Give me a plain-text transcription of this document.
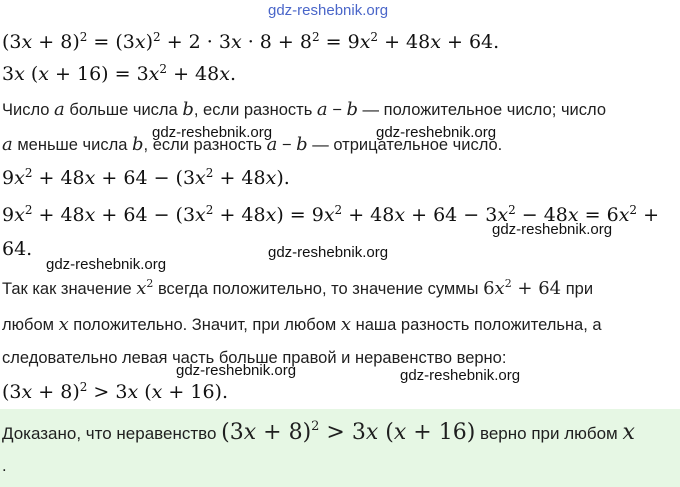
gdz-reshebnik.org
$(3x + 8)^2 = (3x)^2 + 2 \cdot 3x \cdot 8 + 8^2 = 9x^2 + 48x + 64$.
3x $(x + 16) = 3x^2 + 48x$.
Число a больше числа b, если разность a − b — положительное число; число
a меньше числа b, если разность a − b — отрицательное число.
gdz-reshebnik.org	gdz-reshebnik.org
$9x^2 + 48x + 64 - (3x^2 + 48x)$.
$9x^2 + 48x + 64 - (3x^2 + 48x) = 9x^2 + 48x + 64 - 3x^2 - 48x = 6x^2$ +
64.
gdz-reshebnik.org
gdz-reshebnik.org
gdz-reshebnik.org
Так как значение $x^2$ всегда положительно, то значение суммы $6x^2 + 64$ при
любом x положительно. Значит, при любом x наша разность положительна, а
следовательно левая часть больше правой и неравенство верно:
gdz-reshebnik.org	gdz-reshebnik.org
$(3x + 8)^2 > 3x$ (x + 16).
Доказано, что неравенство $(3x + 8)^2 > 3x$ (x + 16) верно при любом x
.
